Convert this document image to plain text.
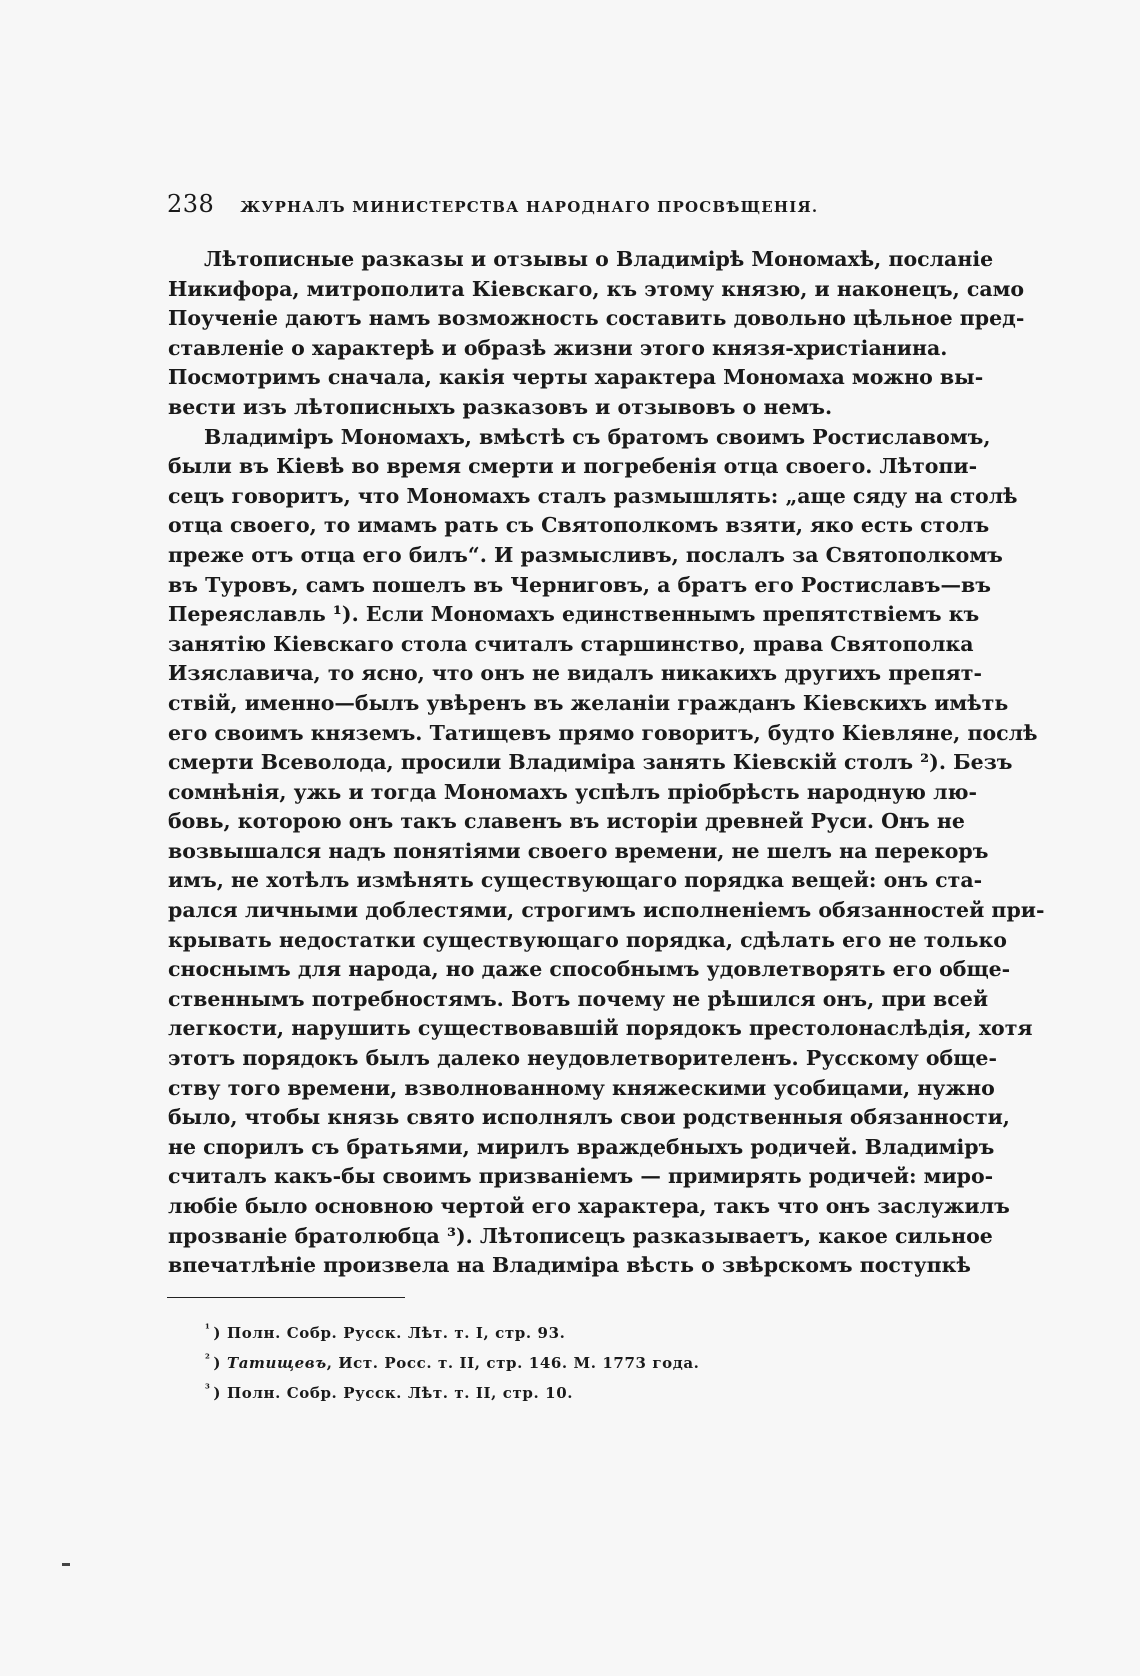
238 ЖУРНАЛЪ МИНИСТЕРСТВА НАРОДНАГО ПРОСВѢЩЕНІЯ.
Лѣтописные разказы и отзывы о Владимірѣ Мономахѣ, посланіе
Никифора, митрополита Кіевскаго, къ этому князю, и наконецъ, само
Поученіе даютъ намъ возможность составить довольно цѣльное пред-
ставленіе о характерѣ и образѣ жизни этого князя-христіанина.
Посмотримъ сначала, какія черты характера Мономаха можно вы-
вести изъ лѣтописныхъ разказовъ и отзывовъ о немъ.
Владиміръ Мономахъ, вмѣстѣ съ братомъ своимъ Ростиславомъ,
были въ Кіевѣ во время смерти и погребенія отца своего. Лѣтопи-
сецъ говоритъ, что Мономахъ сталъ размышлять: „аще сяду на столѣ
отца своего, то имамъ рать съ Святополкомъ взяти, яко есть столъ
преже отъ отца его билъ“. И размысливъ, послалъ за Святополкомъ
въ Туровъ, самъ пошелъ въ Черниговъ, а братъ его Ростиславъ—въ
Переяславль ¹). Если Мономахъ единственнымъ препятствіемъ къ
занятію Кіевскаго стола считалъ старшинство, права Святополка
Изяславича, то ясно, что онъ не видалъ никакихъ другихъ препят-
ствій, именно—былъ увѣренъ въ желаніи гражданъ Кіевскихъ имѣть
его своимъ княземъ. Татищевъ прямо говоритъ, будто Кіевляне, послѣ
смерти Всеволода, просили Владиміра занять Кіевскій столъ ²). Безъ
сомнѣнія, ужь и тогда Мономахъ успѣлъ пріобрѣсть народную лю-
бовь, которою онъ такъ славенъ въ исторіи древней Руси. Онъ не
возвышался надъ понятіями своего времени, не шелъ на перекоръ
имъ, не хотѣлъ измѣнять существующаго порядка вещей: онъ ста-
рался личными доблестями, строгимъ исполненіемъ обязанностей при-
крывать недостатки существующаго порядка, сдѣлать его не только
сноснымъ для народа, но даже способнымъ удовлетворять его обще-
ственнымъ потребностямъ. Вотъ почему не рѣшился онъ, при всей
легкости, нарушить существовавшій порядокъ престолонаслѣдія, хотя
этотъ порядокъ былъ далеко неудовлетворителенъ. Русскому обще-
ству того времени, взволнованному княжескими усобицами, нужно
было, чтобы князь свято исполнялъ свои родственныя обязанности,
не спорилъ съ братьями, мирилъ враждебныхъ родичей. Владиміръ
считалъ какъ-бы своимъ призваніемъ — примирять родичей: миро-
любіе было основною чертой его характера, такъ что онъ заслужилъ
прозваніе братолюбца ³). Лѣтописецъ разказываетъ, какое сильное
впечатлѣніе произвела на Владиміра вѣсть о звѣрскомъ поступкѣ
$^{^1}$ ) Полн. Собр. Русск. Лѣт. т. I, стр. 93.
$^{^2}$ ) Татищевъ, Ист. Росс. т. II, стр. 146. М. 1773 года.
$^{^3}$ ) Полн. Собр. Русск. Лѣт. т. II, стр. 10.
